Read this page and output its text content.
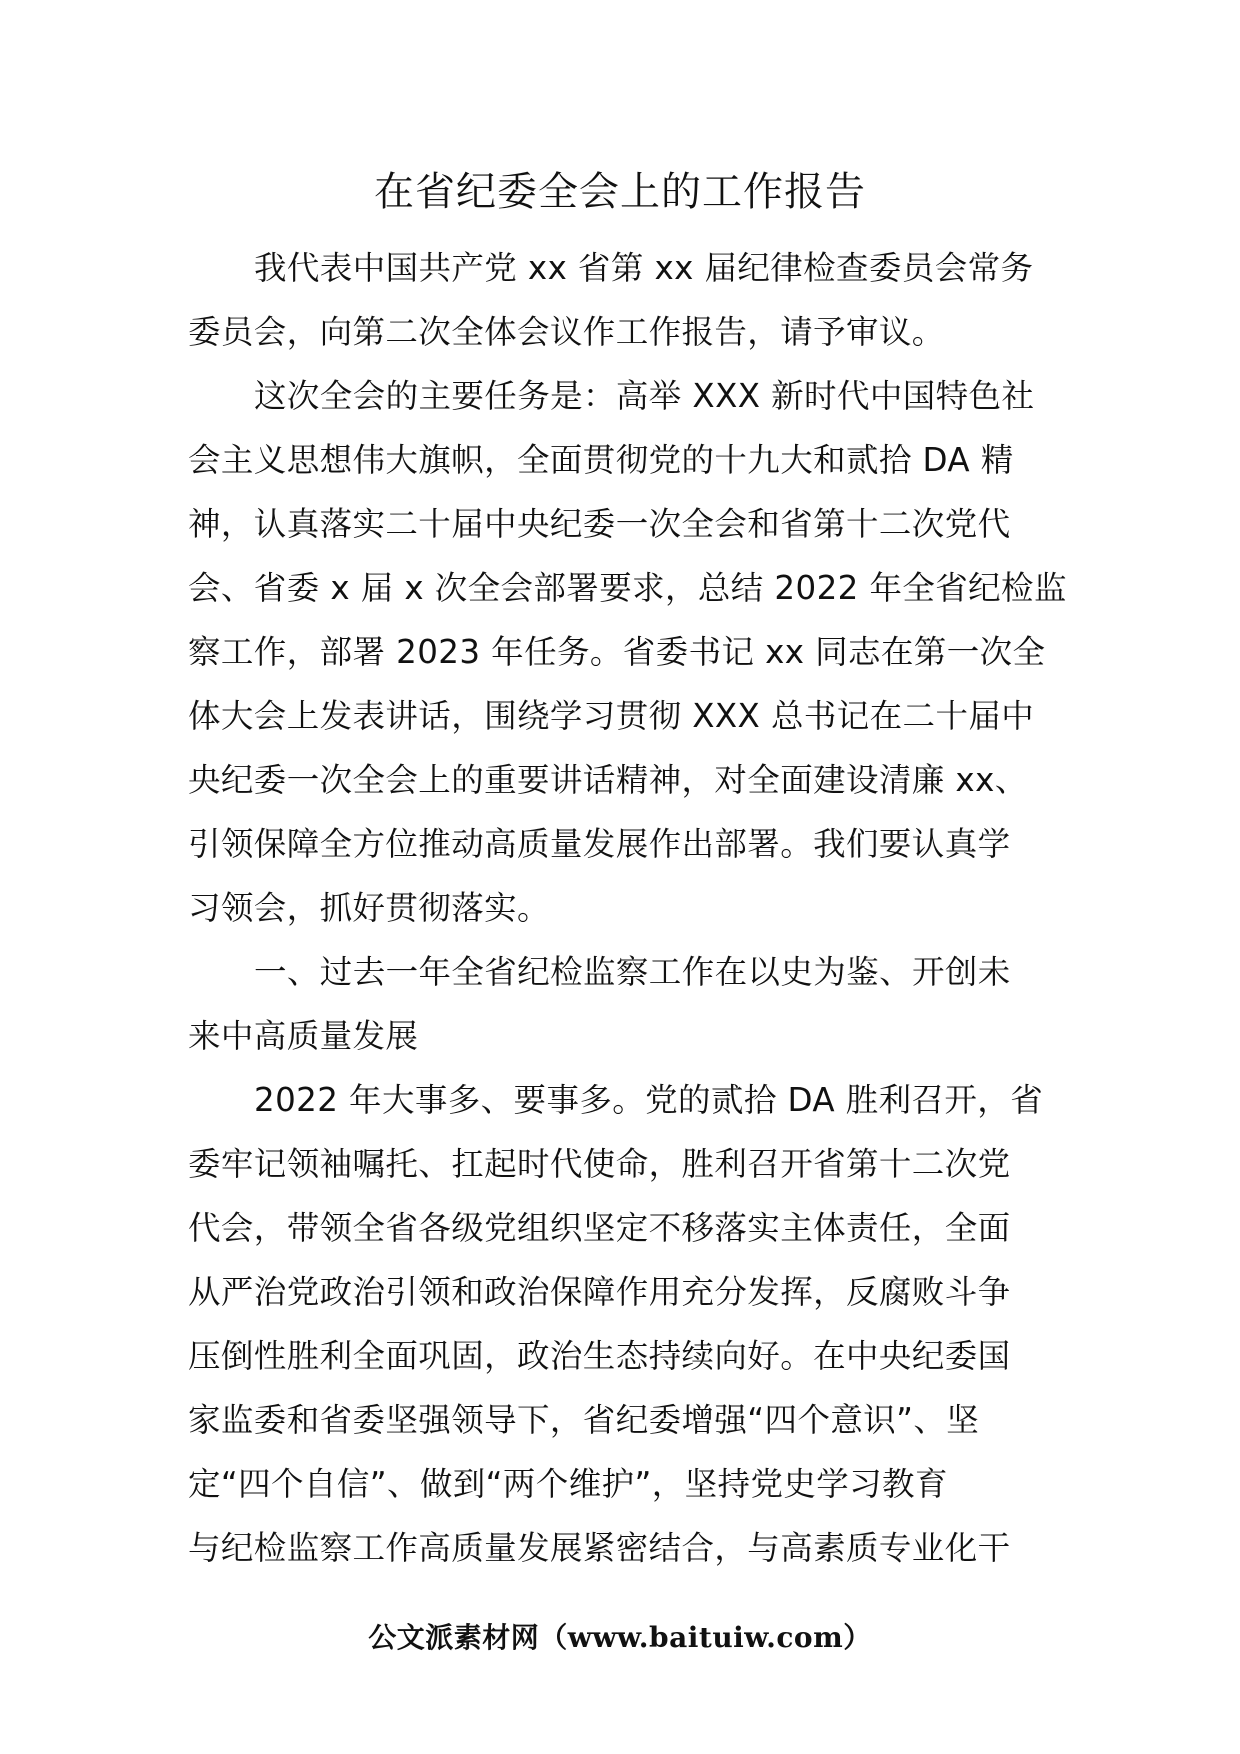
在省纪委全会上的工作报告
我代表中国共产党 xx 省第 xx 届纪律检查委员会常务
委员会，向第二次全体会议作工作报告，请予审议。
这次全会的主要任务是：高举 XXX 新时代中国特色社
会主义思想伟大旗帜，全面贯彻党的十九大和贰拾 DA 精
神，认真落实二十届中央纪委一次全会和省第十二次党代
会、省委 x 届 x 次全会部署要求，总结 2022 年全省纪检监
察工作，部署 2023 年任务。省委书记 xx 同志在第一次全
体大会上发表讲话，围绕学习贯彻 XXX 总书记在二十届中
央纪委一次全会上的重要讲话精神，对全面建设清廉 xx、
引领保障全方位推动高质量发展作出部署。我们要认真学
习领会，抓好贯彻落实。
一、过去一年全省纪检监察工作在以史为鉴、开创未
来中高质量发展
2022 年大事多、要事多。党的贰拾 DA 胜利召开，省
委牢记领袖嘱托、扛起时代使命，胜利召开省第十二次党
代会，带领全省各级党组织坚定不移落实主体责任，全面
从严治党政治引领和政治保障作用充分发挥，反腐败斗争
压倒性胜利全面巩固，政治生态持续向好。在中央纪委国
家监委和省委坚强领导下，省纪委增强“四个意识”、坚
定“四个自信”、做到“两个维护”，坚持党史学习教育
与纪检监察工作高质量发展紧密结合，与高素质专业化干
公文派素材网（www.baituiw.com）
